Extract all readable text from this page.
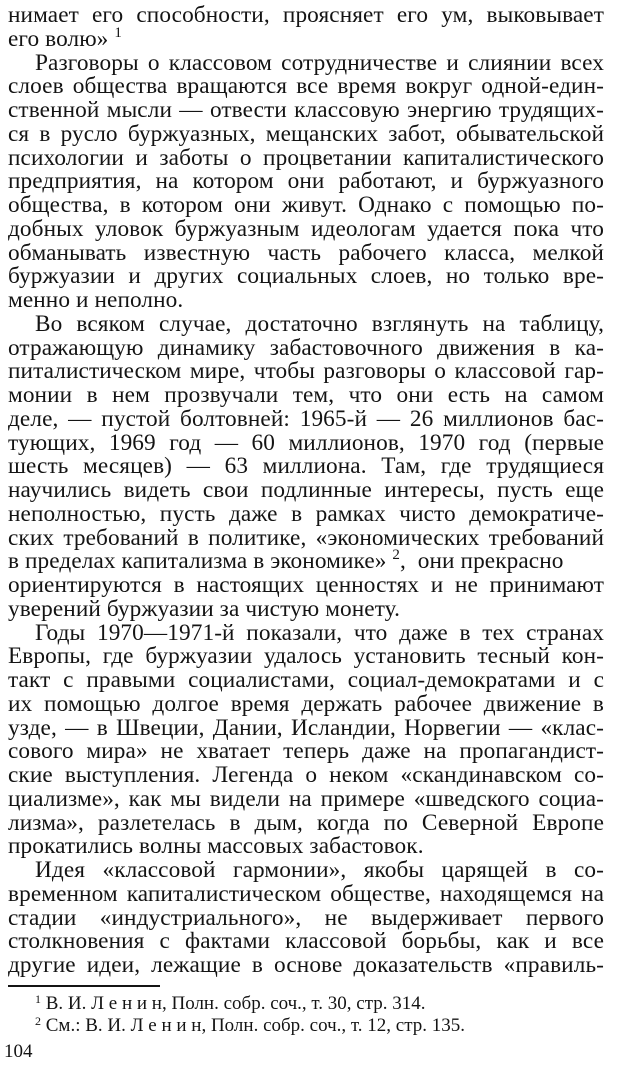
нимает его способности, проясняет его ум, выковывает
его волю» $^1$
Разговоры о классовом сотрудничестве и слиянии всех
слоев общества вращаются все время вокруг одной-един-
ственной мысли — отвести классовую энергию трудящих-
ся в русло буржуазных, мещанских забот, обывательской
психологии и заботы о процветании капиталистического
предприятия, на котором они работают, и буржуазного
общества, в котором они живут. Однако с помощью по-
добных уловок буржуазным идеологам удается пока что
обманывать известную часть рабочего класса, мелкой
буржуазии и других социальных слоев, но только вре-
менно и неполно.
Во всяком случае, достаточно взглянуть на таблицу,
отражающую динамику забастовочного движения в ка-
питалистическом мире, чтобы разговоры о классовой гар-
монии в нем прозвучали тем, что они есть на самом
деле, — пустой болтовней: 1965-й — 26 миллионов бас-
тующих, 1969 год — 60 миллионов, 1970 год (первые
шесть месяцев) — 63 миллиона. Там, где трудящиеся
научились видеть свои подлинные интересы, пусть еще
неполностью, пусть даже в рамках чисто демократиче-
ских требований в политике, «экономических требований
в пределах капитализма в экономике» $^2$,  они прекрасно
ориентируются в настоящих ценностях и не принимают
уверений буржуазии за чистую монету.
Годы 1970—1971-й показали, что даже в тех странах
Европы, где буржуазии удалось установить тесный кон-
такт с правыми социалистами, социал-демократами и с
их помощью долгое время держать рабочее движение в
узде, — в Швеции, Дании, Исландии, Норвегии — «клас-
сового мира» не хватает теперь даже на пропагандист-
ские выступления. Легенда о неком «скандинавском со-
циализме», как мы видели на примере «шведского социа-
лизма», разлетелась в дым, когда по Северной Европе
прокатились волны массовых забастовок.
Идея «классовой гармонии», якобы царящей в со-
временном капиталистическом обществе, находящемся на
стадии «индустриального», не выдерживает первого
столкновения с фактами классовой борьбы, как и все
другие идеи, лежащие в основе доказательств «правиль-
$^1$ В. И. Л е н и н, Полн. собр. соч., т. 30, стр. 314.
$^2$ См.: В. И. Л е н и н, Полн. собр. соч., т. 12, стр. 135.
104
